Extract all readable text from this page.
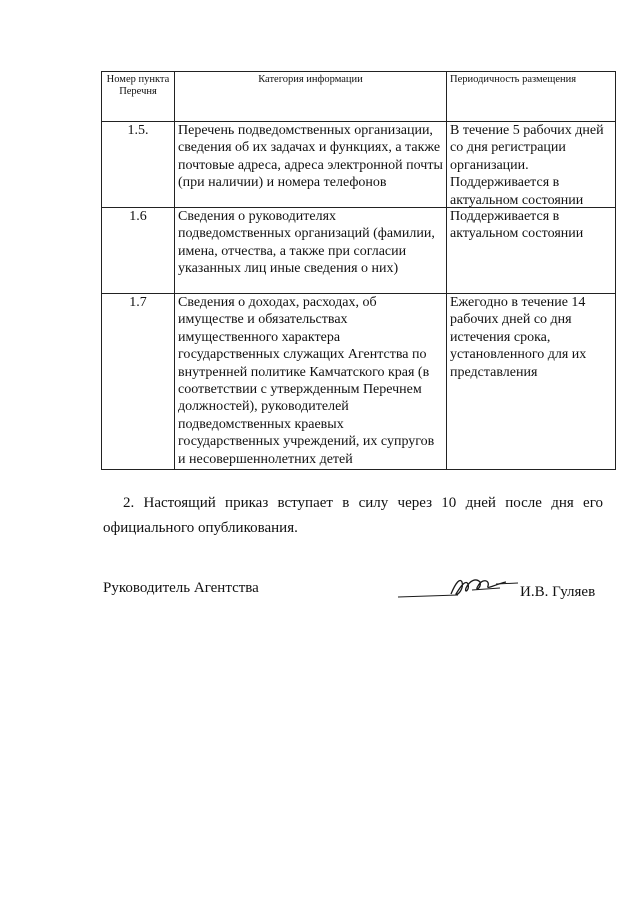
Номер пункта Перечня	Категория информации	Периодичность размещения
1.5.	Перечень подведомственных организации, сведения об их задачах и функциях, а также почтовые адреса, адреса электронной почты (при наличии) и номера телефонов	В течение 5 рабочих дней со дня регистрации организации. Поддерживается в актуальном состоянии

1.6	Сведения о руководителях подведомственных организаций (фамилии, имена, отчества, а также при согласии указанных лиц иные сведения о них)	Поддерживается в актуальном состоянии

1.7	Сведения о доходах, расходах, об имуществе и обязательствах имущественного характера государственных служащих Агентства по внутренней политике Камчатского края (в соответствии с утвержденным Перечнем должностей), руководителей подведомственных краевых государственных учреждений, их супругов и несовершеннолетних детей	Ежегодно в течение 14 рабочих дней со дня истечения срока, установленного для их представления
2. Настоящий приказ вступает в силу через 10 дней после дня его официального опубликования.
Руководитель Агентства	И.В. Гуляев
